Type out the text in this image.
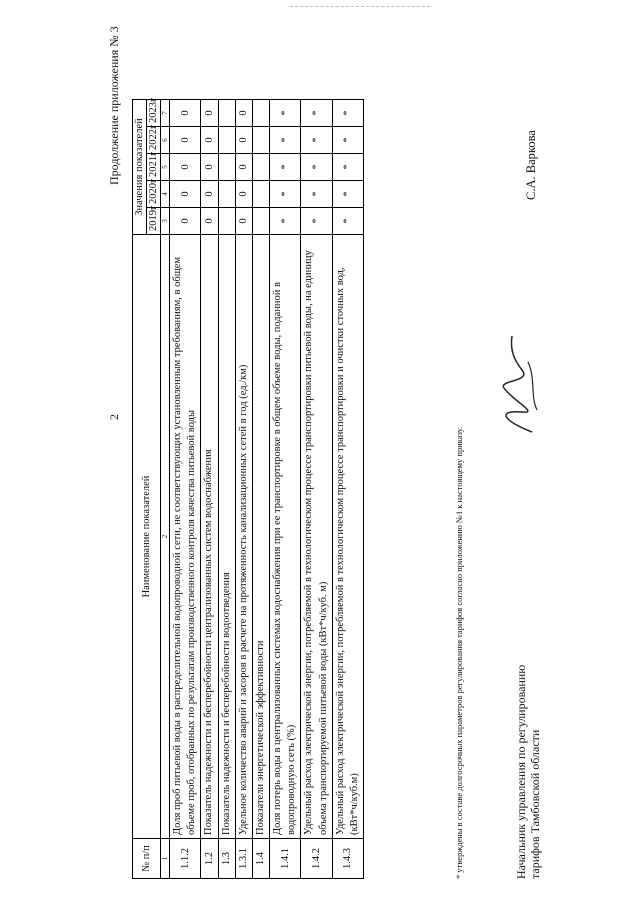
2
Продолжение приложения № 3
№ п/п	Наименование показателей	Значения показателей				
		2019г	2020г	2021г	2022г	2023г
1	2	3	4	5	6	7
1.1.2	Доля проб питьевой воды в распределительной водопроводной сети, не соответствующих установленным требованиям, в общем объеме проб, отобранных по результатам производственного контроля качества питьевой воды	0	0	0	0	0
1.2	Показатель надежности и бесперебойности централизованных систем водоснабжения	0	0	0	0	0
1.3	Показатель надежности и бесперебойности водоотведения					
1.3.1	Удельное количество аварий и засоров в расчете на протяженность канализационных сетей в год (ед./км)	0	0	0	0	0
1.4	Показатели энергетической эффективности					
1.4.1	Доля потерь воды в централизованных системах водоснабжения при ее транспортировке в общем объеме воды, поданной в водопроводную сеть (%)	*	*	*	*	*
1.4.2	Удельный расход электрической энергии, потребляемой в технологическом процессе транспортировки питьевой воды, на единицу объема транспортируемой питьевой воды (кВт*ч/куб. м)	*	*	*	*	*
1.4.3	Удельный расход электрической энергии, потребляемой в технологическом процессе транспортировки и очистки сточных вод, (кВт*ч/куб.м)	*	*	*	*	*
* утверждены в составе долгосрочных параметров регулирования тарифов согласно приложению №1 к настоящему приказу.	Начальник управления по регулированию тарифов Тамбовской области
С.А. Варкова
